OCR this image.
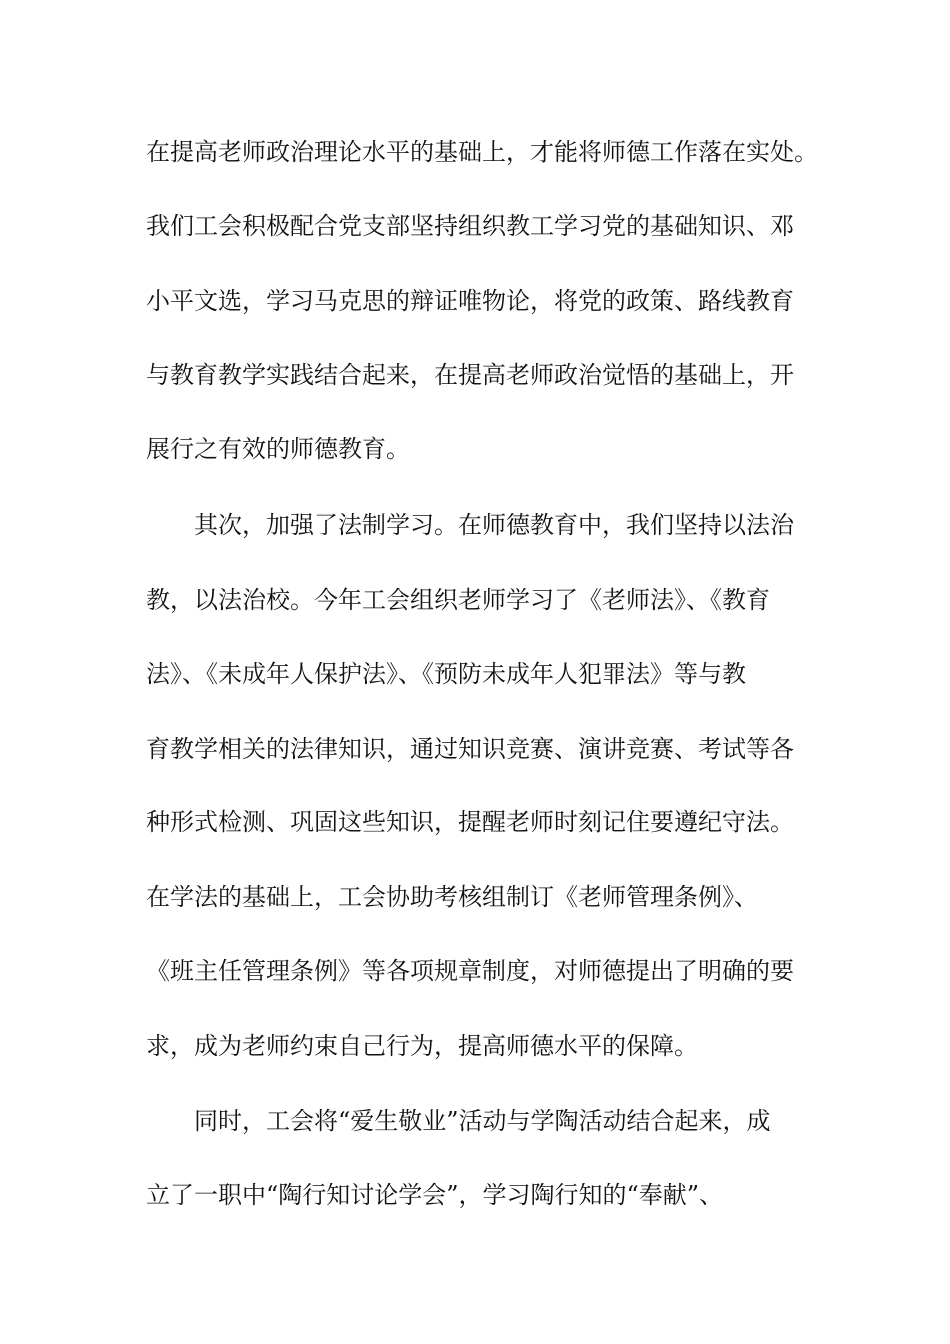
在提高老师政治理论水平的基础上，才能将师德工作落在实处。
我们工会积极配合党支部坚持组织教工学习党的基础知识、邓
小平文选，学习马克思的辩证唯物论，将党的政策、路线教育
与教育教学实践结合起来，在提高老师政治觉悟的基础上，开
展行之有效的师德教育。
其次，加强了法制学习。在师德教育中，我们坚持以法治
教，以法治校。今年工会组织老师学习了《老师法》、《教育
法》、《未成年人保护法》、《预防未成年人犯罪法》等与教
育教学相关的法律知识，通过知识竞赛、演讲竞赛、考试等各
种形式检测、巩固这些知识，提醒老师时刻记住要遵纪守法。
在学法的基础上，工会协助考核组制订《老师管理条例》、
《班主任管理条例》等各项规章制度，对师德提出了明确的要
求，成为老师约束自己行为，提高师德水平的保障。
同时，工会将“爱生敬业”活动与学陶活动结合起来，成
立了一职中“陶行知讨论学会”，学习陶行知的“奉献”、
